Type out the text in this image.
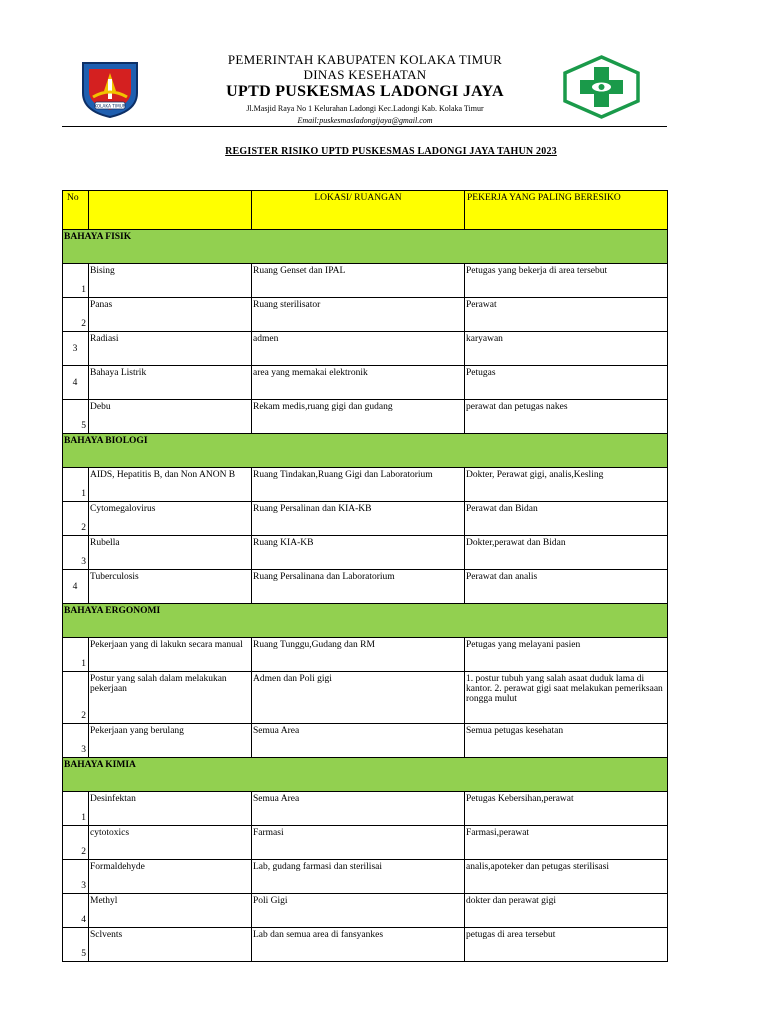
KOLAKA TIMUR
PEMERINTAH KABUPATEN KOLAKA TIMUR
DINAS KESEHATAN
UPTD PUSKESMAS LADONGI JAYA
Jl.Masjid Raya No 1 Kelurahan Ladongi Kec.Ladongi Kab. Kolaka Timur
Email:puskesmasladongijaya@gmail.com
REGISTER RISIKO UPTD PUSKESMAS LADONGI JAYA TAHUN 2023
No		LOKASI/ RUANGAN	PEKERJA YANG PALING BERESIKO
BAHAYA FISIK			
1	Bising	Ruang Genset dan IPAL	Petugas yang bekerja di area tersebut
2	Panas	Ruang sterilisator	Perawat
3	Radiasi	admen	karyawan
4	Bahaya Listrik	area yang memakai elektronik	Petugas
5	Debu	Rekam medis,ruang gigi dan gudang	perawat dan petugas nakes
BAHAYA BIOLOGI			
1	AIDS, Hepatitis B, dan Non ANON B	Ruang Tindakan,Ruang Gigi dan Laboratorium	Dokter, Perawat gigi, analis,Kesling
2	Cytomegalovirus	Ruang Persalinan dan KIA-KB	Perawat dan Bidan
3	Rubella	Ruang KIA-KB	Dokter,perawat dan Bidan
4	Tuberculosis	Ruang Persalinana dan Laboratorium	Perawat dan analis
BAHAYA ERGONOMI			
1	Pekerjaan yang di lakukn secara manual	Ruang Tunggu,Gudang dan RM	Petugas yang melayani pasien
2	Postur yang salah dalam melakukan pekerjaan	Admen dan Poli gigi	1. postur tubuh yang salah asaat duduk lama di kantor. 2. perawat gigi saat melakukan pemeriksaan rongga mulut
3	Pekerjaan yang berulang	Semua Area	Semua petugas kesehatan
BAHAYA KIMIA			
1	Desinfektan	Semua Area	Petugas Kebersihan,perawat
2	cytotoxics	Farmasi	Farmasi,perawat
3	Formaldehyde	Lab, gudang farmasi dan sterilisai	analis,apoteker dan petugas sterilisasi
4	Methyl	Poli Gigi	dokter dan perawat gigi
5	Sclvents	Lab dan semua area di fansyankes	petugas di area tersebut
